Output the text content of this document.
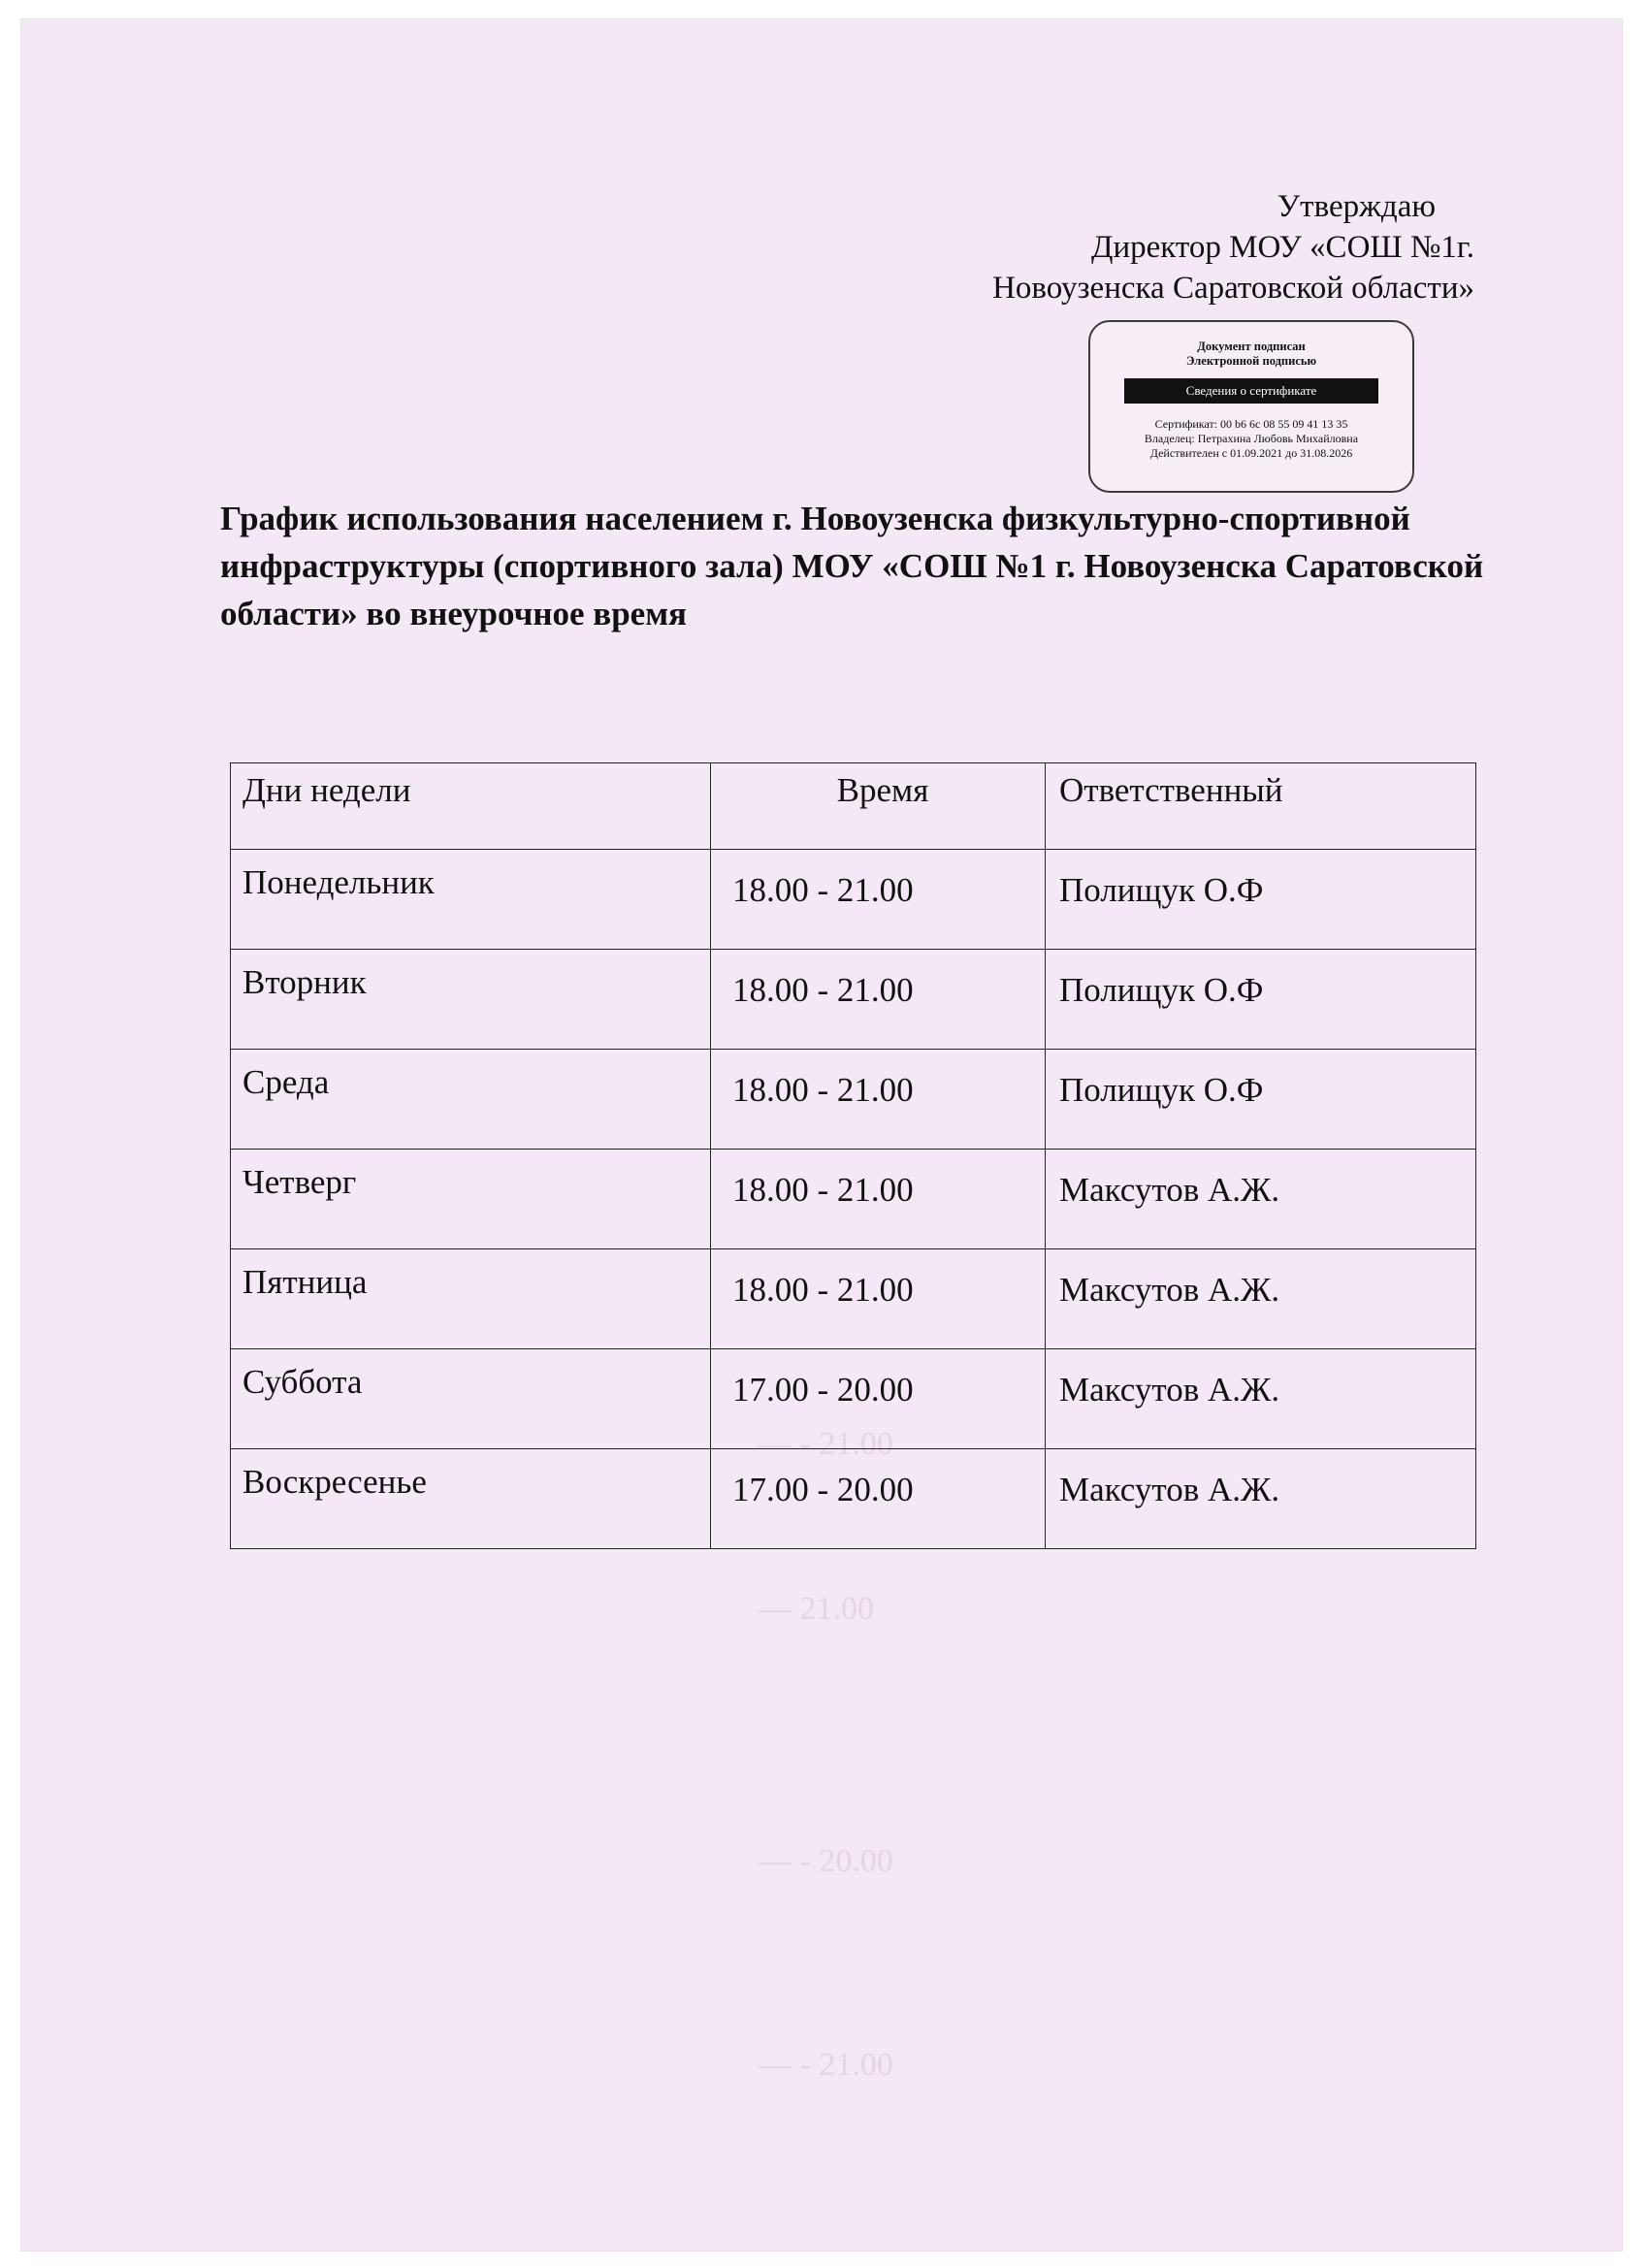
— - 21.00
— 21.00
— - 20.00
— - 21.00
Утверждаю
Директор МОУ «СОШ №1г.
Новоузенска Саратовской области»
Документ подписан
Электронной подписью
Сведения о сертификате
Сертификат: 00 b6 6c 08 55 09 41 13 35
Владелец: Петрахина Любовь Михайловна
Действителен с 01.09.2021 до 31.08.2026
График использования населением г. Новоузенска физкультурно-спортивной инфраструктуры (спортивного зала) МОУ «СОШ №1 г. Новоузенска Саратовской области» во внеурочное время
Дни недели	Время	Ответственный
Понедельник	18.00 - 21.00	Полищук О.Ф
Вторник	18.00 - 21.00	Полищук О.Ф
Среда	18.00 - 21.00	Полищук О.Ф
Четверг	18.00 - 21.00	Максутов А.Ж.
Пятница	18.00 - 21.00	Максутов А.Ж.
Суббота	17.00 - 20.00	Максутов А.Ж.
Воскресенье	17.00 - 20.00	Максутов А.Ж.
